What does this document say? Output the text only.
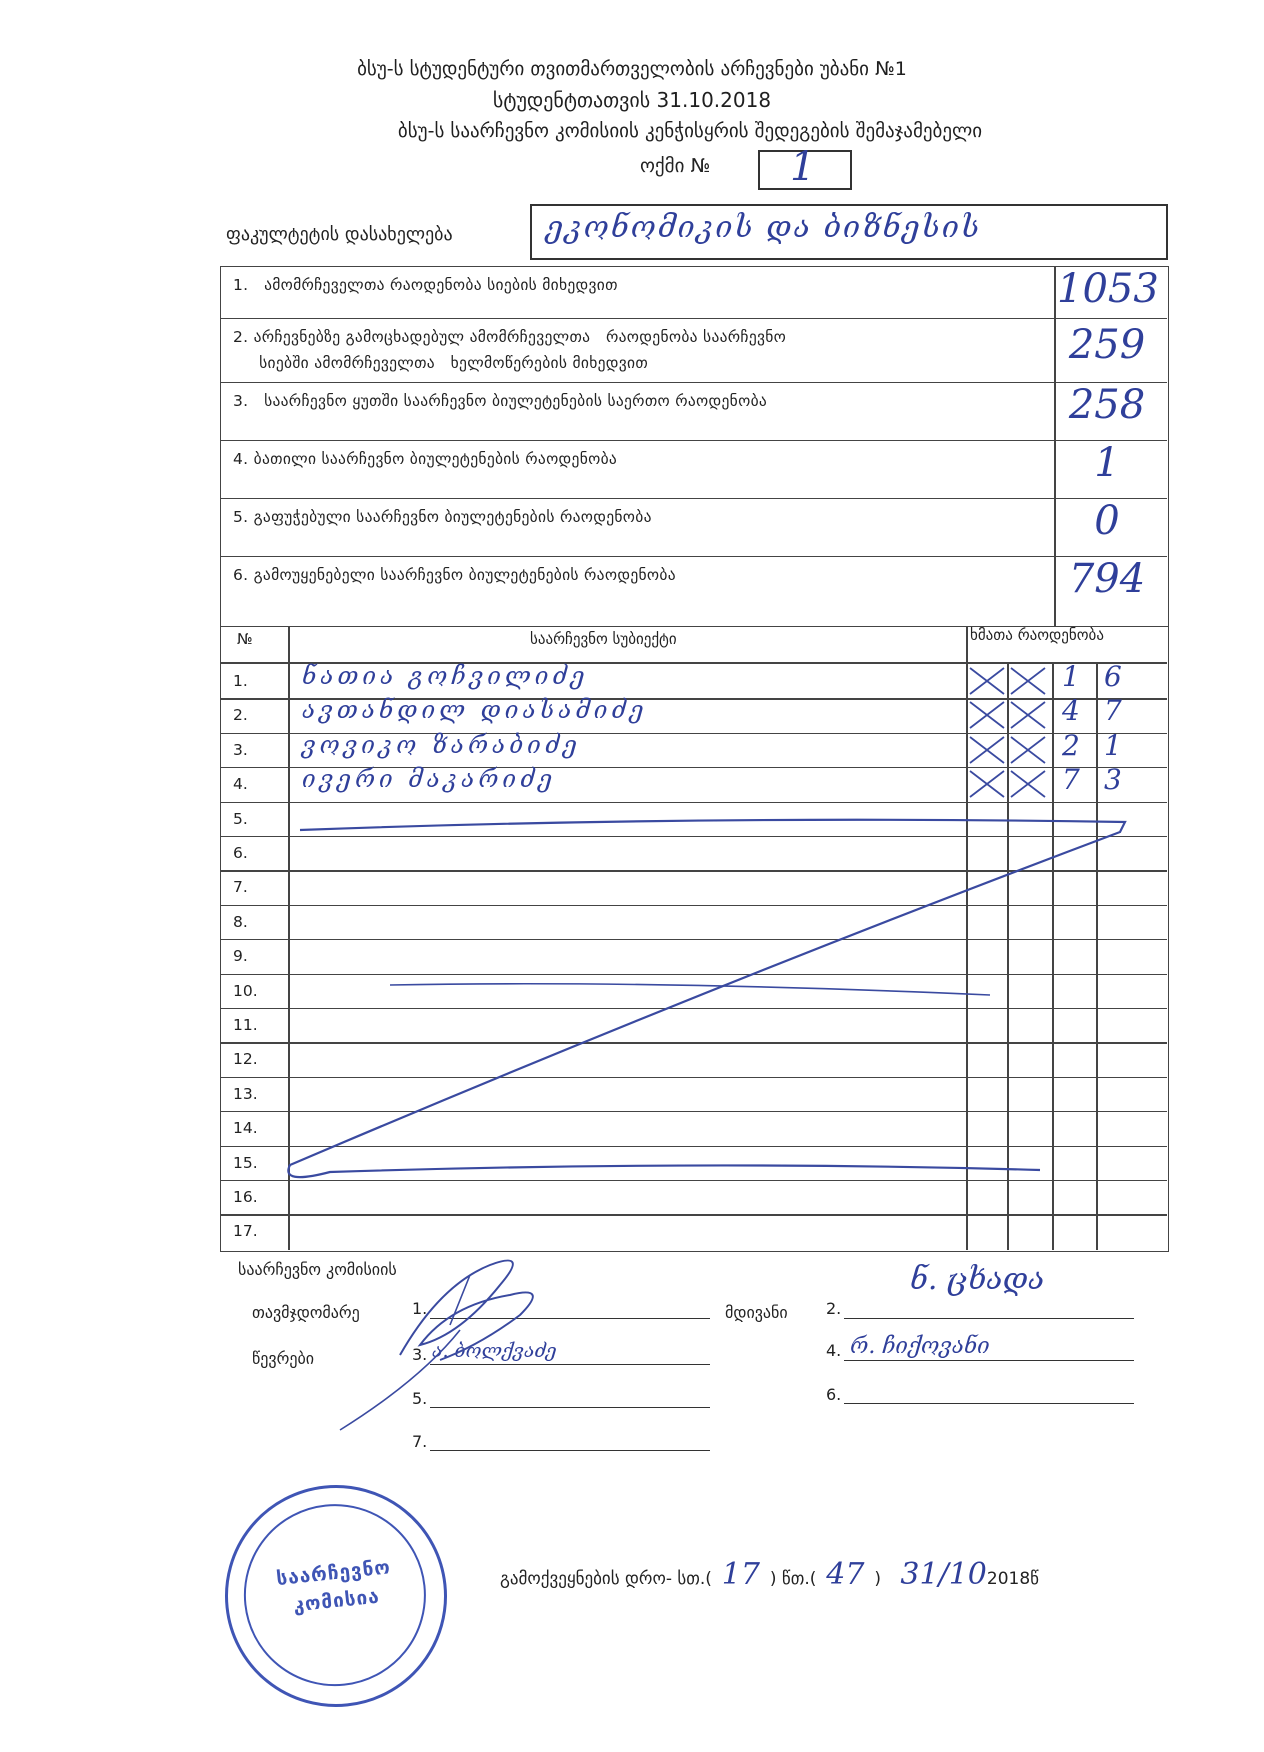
ბსუ-ს სტუდენტური თვითმართველობის არჩევნები უბანი №1
სტუდენტთათვის 31.10.2018
ბსუ-ს საარჩევნო კომისიის კენჭისყრის შედეგების შემაჯამებელი
ოქმი № 1
ფაკულტეტის დასახელება	ეკონომიკის და ბიზნესის
1.   ამომრჩეველთა რაოდენობა სიების მიხედვით	1053
2. არჩევნებზე გამოცხადებულ ამომრჩეველთა   რაოდენობა საარჩევნო
სიებში ამომრჩეველთა   ხელმოწერების მიხედვით	259
3.   საარჩევნო ყუთში საარჩევნო ბიულეტენების საერთო რაოდენობა	258
4. ბათილი საარჩევნო ბიულეტენების რაოდენობა	1
5. გაფუჭებული საარჩევნო ბიულეტენების რაოდენობა	0
6. გამოუყენებელი საარჩევნო ბიულეტენების რაოდენობა	794
№	საარჩევნო სუბიექტი	ხმათა რაოდენობა
1. ნათია გოჩვილიძე	1 6
2. ავთანდილ დიასამიძე	4 7
3. ვოვიკო ზარაბიძე	2 1
4. ივერი მაკარიძე	7 3
5.
6.
7.
8.
9.
10.
11.
12.
13.
14.
15.
16.
17.
საარჩევნო კომისიის
თავმჯდომარე	1.	მდივანი 2.
ნ. ცხადა
წევრები	3. ა. ბოლქვაძე	4. რ. ჩიქოვანი
5.	6.
7.
საარჩევნო
კომისია
გამოქვეყნების დრო- სთ.( 17 ) წთ.( 47 ) 31/102018წ
